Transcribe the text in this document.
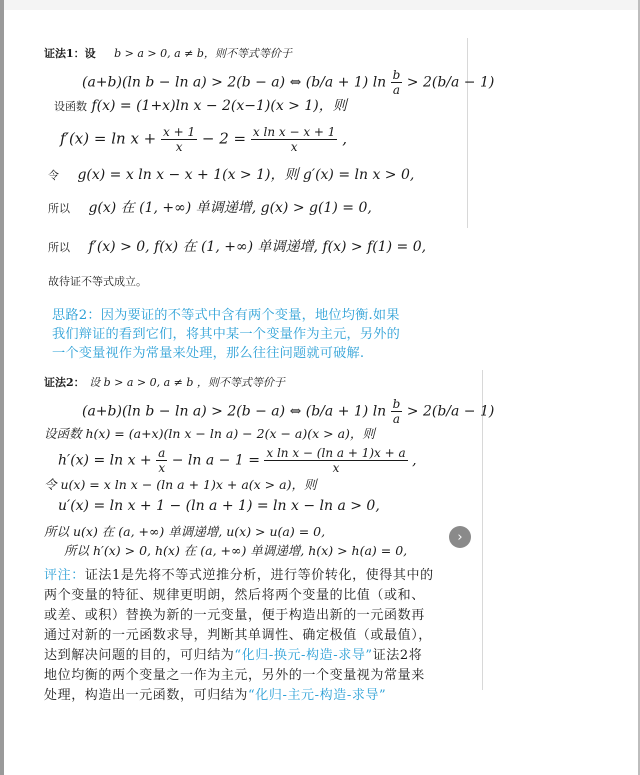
证法1：设 b > a > 0, a ≠ b，则不等式等价于
(a+b)(ln b − ln a) > 2(b − a) ⇔ (b/a + 1) $\ln \frac{b}{a} > 2(b/a - 1)$
设函数 f(x) = (1+x)ln x − 2(x−1)(x > 1)，则
$f'(x) = \ln x + \frac{x + 1}{x} - 2 = \frac{\text{x ln x − x + 1}}{x}$ ,
令 g(x) = x ln x − x + 1(x > 1)，则 g′(x) = ln x > 0,
所以 g(x) 在 (1, +∞) 单调递增, g(x) > g(1) = 0,
所以 f′(x) > 0, f(x) 在 (1, +∞) 单调递增, f(x) > f(1) = 0,
故待证不等式成立。
思路2：因为要证的不等式中含有两个变量，地位均衡.如果
我们辩证的看到它们，将其中某一个变量作为主元，另外的
一个变量视作为常量来处理，那么往往问题就可破解.
证法2： 设 b > a > 0, a ≠ b ，则不等式等价于
(a+b)(ln b − ln a) > 2(b − a) ⇔ (b/a + 1) $\ln \frac{b}{a} > 2(b/a - 1)$
设函数 h(x) = (a+x)(ln x − ln a) − 2(x − a)(x > a)，则
$h'(x) = \ln x + \frac{a}{x} - \ln a - 1 = \frac{\text{x ln x − (ln a + 1)x + a}}{x}$ ,
令 u(x) = x ln x − (ln a + 1)x + a(x > a)，则
u′(x) = ln x + 1 − (ln a + 1) = ln x − ln a > 0,
所以 u(x) 在 (a, +∞) 单调递增, u(x) > u(a) = 0,
所以 h′(x) > 0, h(x) 在 (a, +∞) 单调递增, h(x) > h(a) = 0,
›
评注：证法1是先将不等式逆推分析，进行等价转化，使得其中的
两个变量的特征、规律更明朗，然后将两个变量的比值（或和、
或差、或积）替换为新的一元变量，便于构造出新的一元函数再
通过对新的一元函数求导，判断其单调性、确定极值（或最值），
达到解决问题的目的，可归结为“化归-换元-构造-求导”证法2将
地位均衡的两个变量之一作为主元，另外的一个变量视为常量来
处理，构造出一元函数，可归结为“化归-主元-构造-求导”
